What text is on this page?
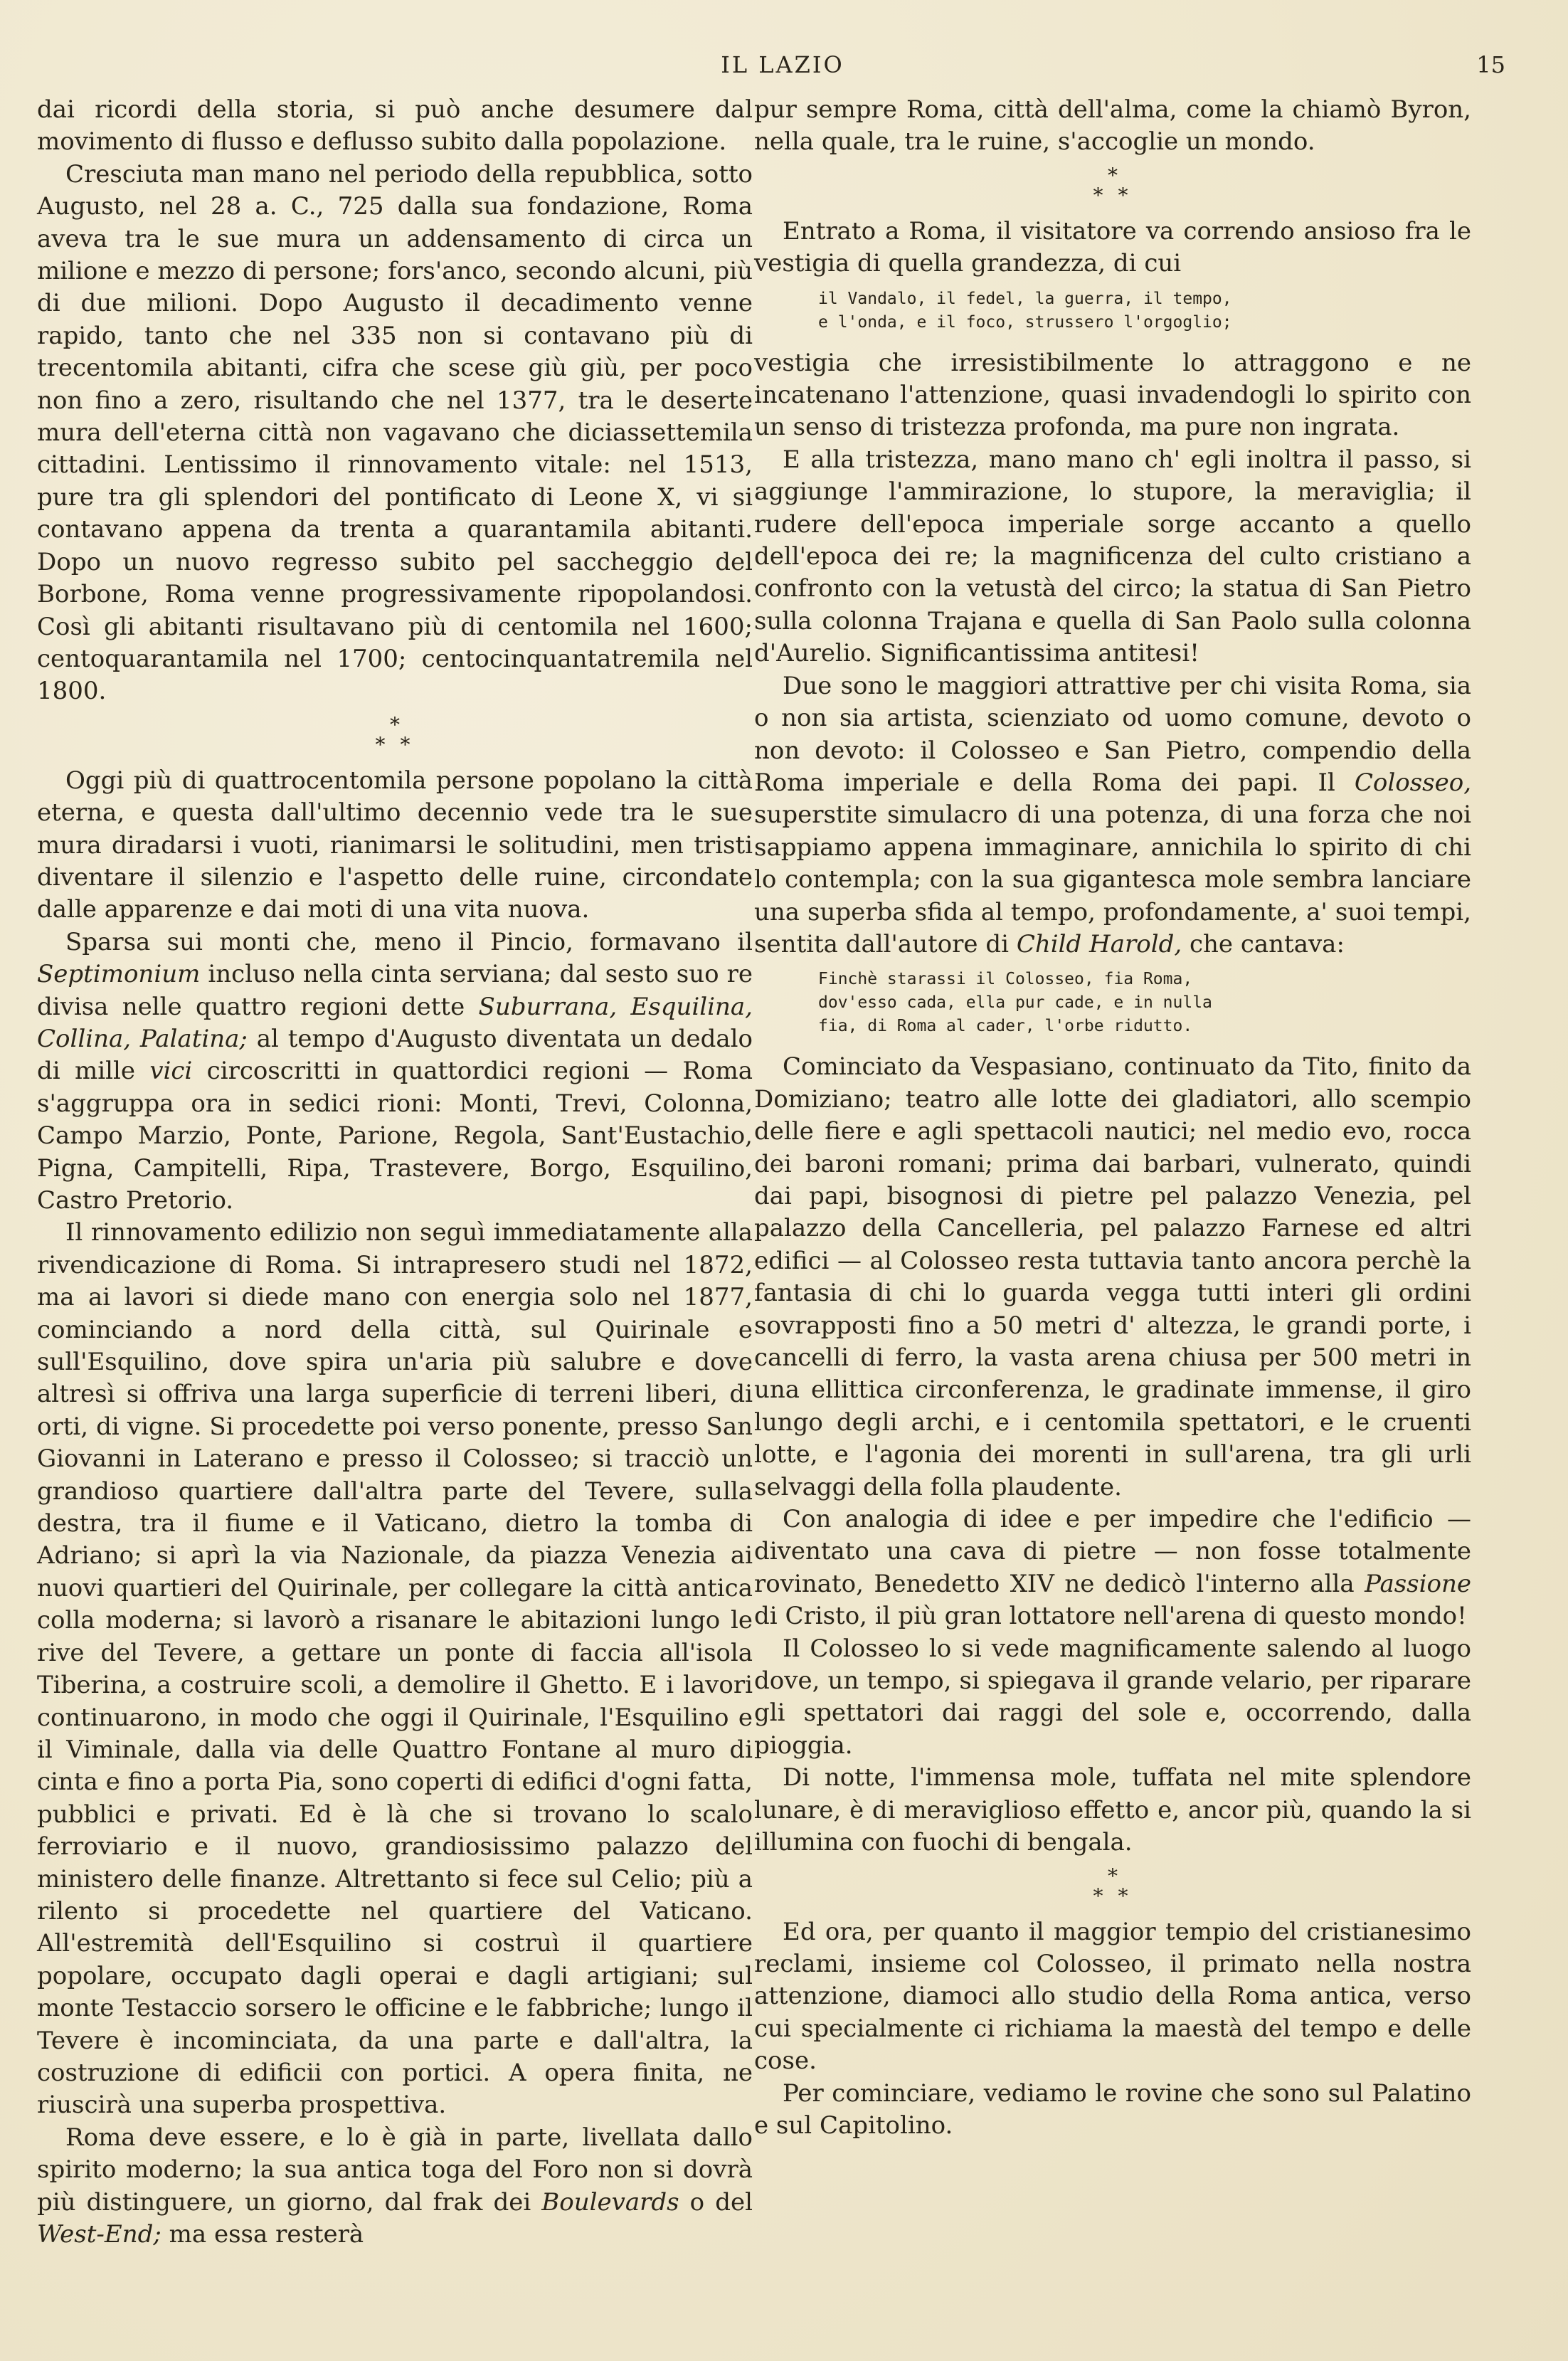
IL LAZIO	15

dai ricordi della storia, si può anche desumere dal movimento di flusso e deflusso subito dalla popolazione.

Cresciuta man mano nel periodo della repubblica, sotto Augusto, nel 28 a. C., 725 dalla sua fondazione, Roma aveva tra le sue mura un addensamento di circa un milione e mezzo di persone; fors'anco, secondo alcuni, più di due milioni. Dopo Augusto il decadimento venne rapido, tanto che nel 335 non si contavano più di trecentomila abitanti, cifra che scese giù giù, per poco non fino a zero, risultando che nel 1377, tra le deserte mura dell'eterna città non vagavano che diciassettemila cittadini. Lentissimo il rinnovamento vitale: nel 1513, pure tra gli splendori del pontificato di Leone X, vi si contavano appena da trenta a quarantamila abitanti. Dopo un nuovo regresso subito pel saccheggio del Borbone, Roma venne progressivamente ripopolandosi. Così gli abitanti risultavano più di centomila nel 1600; centoquarantamila nel 1700; centocinquantatremila nel 1800.

*
* *

Oggi più di quattrocentomila persone popolano la città eterna, e questa dall'ultimo decennio vede tra le sue mura diradarsi i vuoti, rianimarsi le solitudini, men tristi diventare il silenzio e l'aspetto delle ruine, circondate dalle apparenze e dai moti di una vita nuova.

Sparsa sui monti che, meno il Pincio, formavano il Septimonium incluso nella cinta serviana; dal sesto suo re divisa nelle quattro regioni dette Suburrana, Esquilina, Collina, Palatina; al tempo d'Augusto diventata un dedalo di mille vici circoscritti in quattordici regioni — Roma s'aggruppa ora in sedici rioni: Monti, Trevi, Colonna, Campo Marzio, Ponte, Parione, Regola, Sant'Eustachio, Pigna, Campitelli, Ripa, Trastevere, Borgo, Esquilino, Castro Pretorio.

Il rinnovamento edilizio non seguì immediatamente alla rivendicazione di Roma. Si intrapresero studi nel 1872, ma ai lavori si diede mano con energia solo nel 1877, cominciando a nord della città, sul Quirinale e sull'Esquilino, dove spira un'aria più salubre e dove altresì si offriva una larga superficie di terreni liberi, di orti, di vigne. Si procedette poi verso ponente, presso San Giovanni in Laterano e presso il Colosseo; si tracciò un grandioso quartiere dall'altra parte del Tevere, sulla destra, tra il fiume e il Vaticano, dietro la tomba di Adriano; si aprì la via Nazionale, da piazza Venezia ai nuovi quartieri del Quirinale, per collegare la città antica colla moderna; si lavorò a risanare le abitazioni lungo le rive del Tevere, a gettare un ponte di faccia all'isola Tiberina, a costruire scoli, a demolire il Ghetto. E i lavori continuarono, in modo che oggi il Quirinale, l'Esquilino e il Viminale, dalla via delle Quattro Fontane al muro di cinta e fino a porta Pia, sono coperti di edifici d'ogni fatta, pubblici e privati. Ed è là che si trovano lo scalo ferroviario e il nuovo, grandiosissimo palazzo del ministero delle finanze. Altrettanto si fece sul Celio; più a rilento si procedette nel quartiere del Vaticano. All'estremità dell'Esquilino si costruì il quartiere popolare, occupato dagli operai e dagli artigiani; sul monte Testaccio sorsero le officine e le fabbriche; lungo il Tevere è incominciata, da una parte e dall'altra, la costruzione di edificii con portici. A opera finita, ne riuscirà una superba prospettiva.

Roma deve essere, e lo è già in parte, livellata dallo spirito moderno; la sua antica toga del Foro non si dovrà più distinguere, un giorno, dal frak dei Boulevards o del West-End; ma essa resterà

pur sempre Roma, città dell'alma, come la chiamò Byron, nella quale, tra le ruine, s'accoglie un mondo.

*
* *

Entrato a Roma, il visitatore va correndo ansioso fra le vestigia di quella grandezza, di cui

il Vandalo, il fedel, la guerra, il tempo,
e l'onda, e il foco, strussero l'orgoglio;

vestigia che irresistibilmente lo attraggono e ne incatenano l'attenzione, quasi invadendogli lo spirito con un senso di tristezza profonda, ma pure non ingrata.

E alla tristezza, mano mano ch' egli inoltra il passo, si aggiunge l'ammirazione, lo stupore, la meraviglia; il rudere dell'epoca imperiale sorge accanto a quello dell'epoca dei re; la magnificenza del culto cristiano a confronto con la vetustà del circo; la statua di San Pietro sulla colonna Trajana e quella di San Paolo sulla colonna d'Aurelio. Significantissima antitesi!

Due sono le maggiori attrattive per chi visita Roma, sia o non sia artista, scienziato od uomo comune, devoto o non devoto: il Colosseo e San Pietro, compendio della Roma imperiale e della Roma dei papi. Il Colosseo, superstite simulacro di una potenza, di una forza che noi sappiamo appena immaginare, annichila lo spirito di chi lo contempla; con la sua gigantesca mole sembra lanciare una superba sfida al tempo, profondamente, a' suoi tempi, sentita dall'autore di Child Harold, che cantava:

Finchè starassi il Colosseo, fia Roma,
dov'esso cada, ella pur cade, e in nulla
fia, di Roma al cader, l'orbe ridutto.

Cominciato da Vespasiano, continuato da Tito, finito da Domiziano; teatro alle lotte dei gladiatori, allo scempio delle fiere e agli spettacoli nautici; nel medio evo, rocca dei baroni romani; prima dai barbari, vulnerato, quindi dai papi, bisognosi di pietre pel palazzo Venezia, pel palazzo della Cancelleria, pel palazzo Farnese ed altri edifici — al Colosseo resta tuttavia tanto ancora perchè la fantasia di chi lo guarda vegga tutti interi gli ordini sovrapposti fino a 50 metri d' altezza, le grandi porte, i cancelli di ferro, la vasta arena chiusa per 500 metri in una ellittica circonferenza, le gradinate immense, il giro lungo degli archi, e i centomila spettatori, e le cruenti lotte, e l'agonia dei morenti in sull'arena, tra gli urli selvaggi della folla plaudente.

Con analogia di idee e per impedire che l'edificio — diventato una cava di pietre — non fosse totalmente rovinato, Benedetto XIV ne dedicò l'interno alla Passione di Cristo, il più gran lottatore nell'arena di questo mondo!

Il Colosseo lo si vede magnificamente salendo al luogo dove, un tempo, si spiegava il grande velario, per riparare gli spettatori dai raggi del sole e, occorrendo, dalla pioggia.

Di notte, l'immensa mole, tuffata nel mite splendore lunare, è di meraviglioso effetto e, ancor più, quando la si illumina con fuochi di bengala.

*
* *

Ed ora, per quanto il maggior tempio del cristianesimo reclami, insieme col Colosseo, il primato nella nostra attenzione, diamoci allo studio della Roma antica, verso cui specialmente ci richiama la maestà del tempo e delle cose.

Per cominciare, vediamo le rovine che sono sul Palatino e sul Capitolino.
